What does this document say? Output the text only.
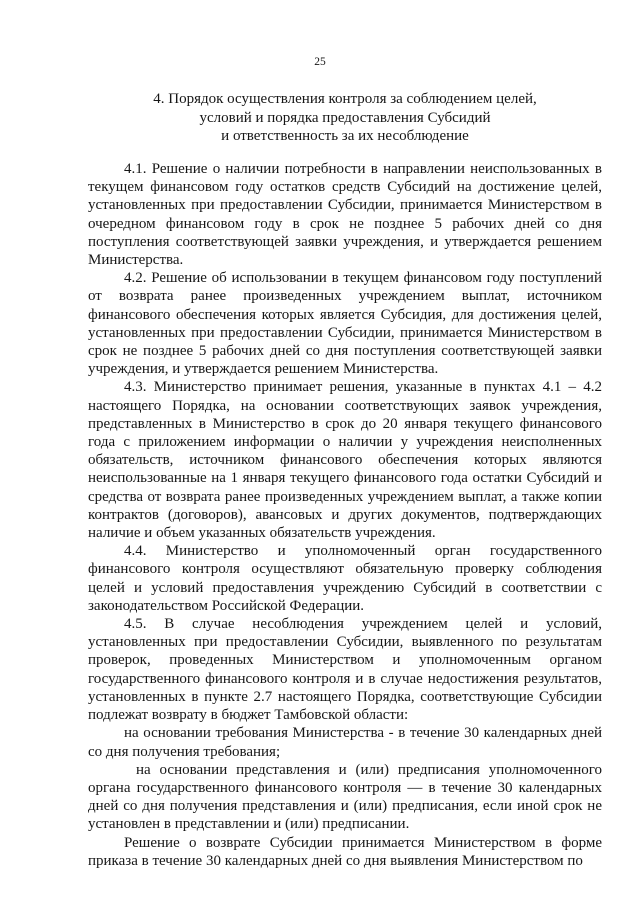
25
4. Порядок осуществления контроля за соблюдением целей,
условий и порядка предоставления Субсидий
и ответственность за их несоблюдение
4.1. Решение о наличии потребности в направлении неиспользованных в
текущем финансовом году остатков средств Субсидий на достижение целей,
установленных при предоставлении Субсидии, принимается Министерством в
очередном финансовом году в срок не позднее 5 рабочих дней со дня
поступления соответствующей заявки учреждения, и утверждается решением
Министерства.
4.2. Решение об использовании в текущем финансовом году поступлений
от возврата ранее произведенных учреждением выплат, источником
финансового обеспечения которых является Субсидия, для достижения целей,
установленных при предоставлении Субсидии, принимается Министерством в
срок не позднее 5 рабочих дней со дня поступления соответствующей заявки
учреждения, и утверждается решением Министерства.
4.3. Министерство принимает решения, указанные в пунктах 4.1 – 4.2
настоящего Порядка, на основании соответствующих заявок учреждения,
представленных в Министерство в срок до 20 января текущего финансового
года с приложением информации о наличии у учреждения неисполненных
обязательств, источником финансового обеспечения которых являются
неиспользованные на 1 января текущего финансового года остатки Субсидий и
средства от возврата ранее произведенных учреждением выплат, а также копии
контрактов (договоров), авансовых и других документов, подтверждающих
наличие и объем указанных обязательств учреждения.
4.4. Министерство и уполномоченный орган государственного
финансового контроля осуществляют обязательную проверку соблюдения
целей и условий предоставления учреждению Субсидий в соответствии с
законодательством Российской Федерации.
4.5. В случае несоблюдения учреждением целей и условий,
установленных при предоставлении Субсидии, выявленного по результатам
проверок, проведенных Министерством и уполномоченным органом
государственного финансового контроля и в случае недостижения результатов,
установленных в пункте 2.7 настоящего Порядка, соответствующие Субсидии
подлежат возврату в бюджет Тамбовской области:
на основании требования Министерства - в течение 30 календарных дней
со дня получения требования;
на основании представления и (или) предписания уполномоченного
органа государственного финансового контроля — в течение 30 календарных
дней со дня получения представления и (или) предписания, если иной срок не
установлен в представлении и (или) предписании.
Решение о возврате Субсидии принимается Министерством в форме
приказа в течение 30 календарных дней со дня выявления Министерством по
